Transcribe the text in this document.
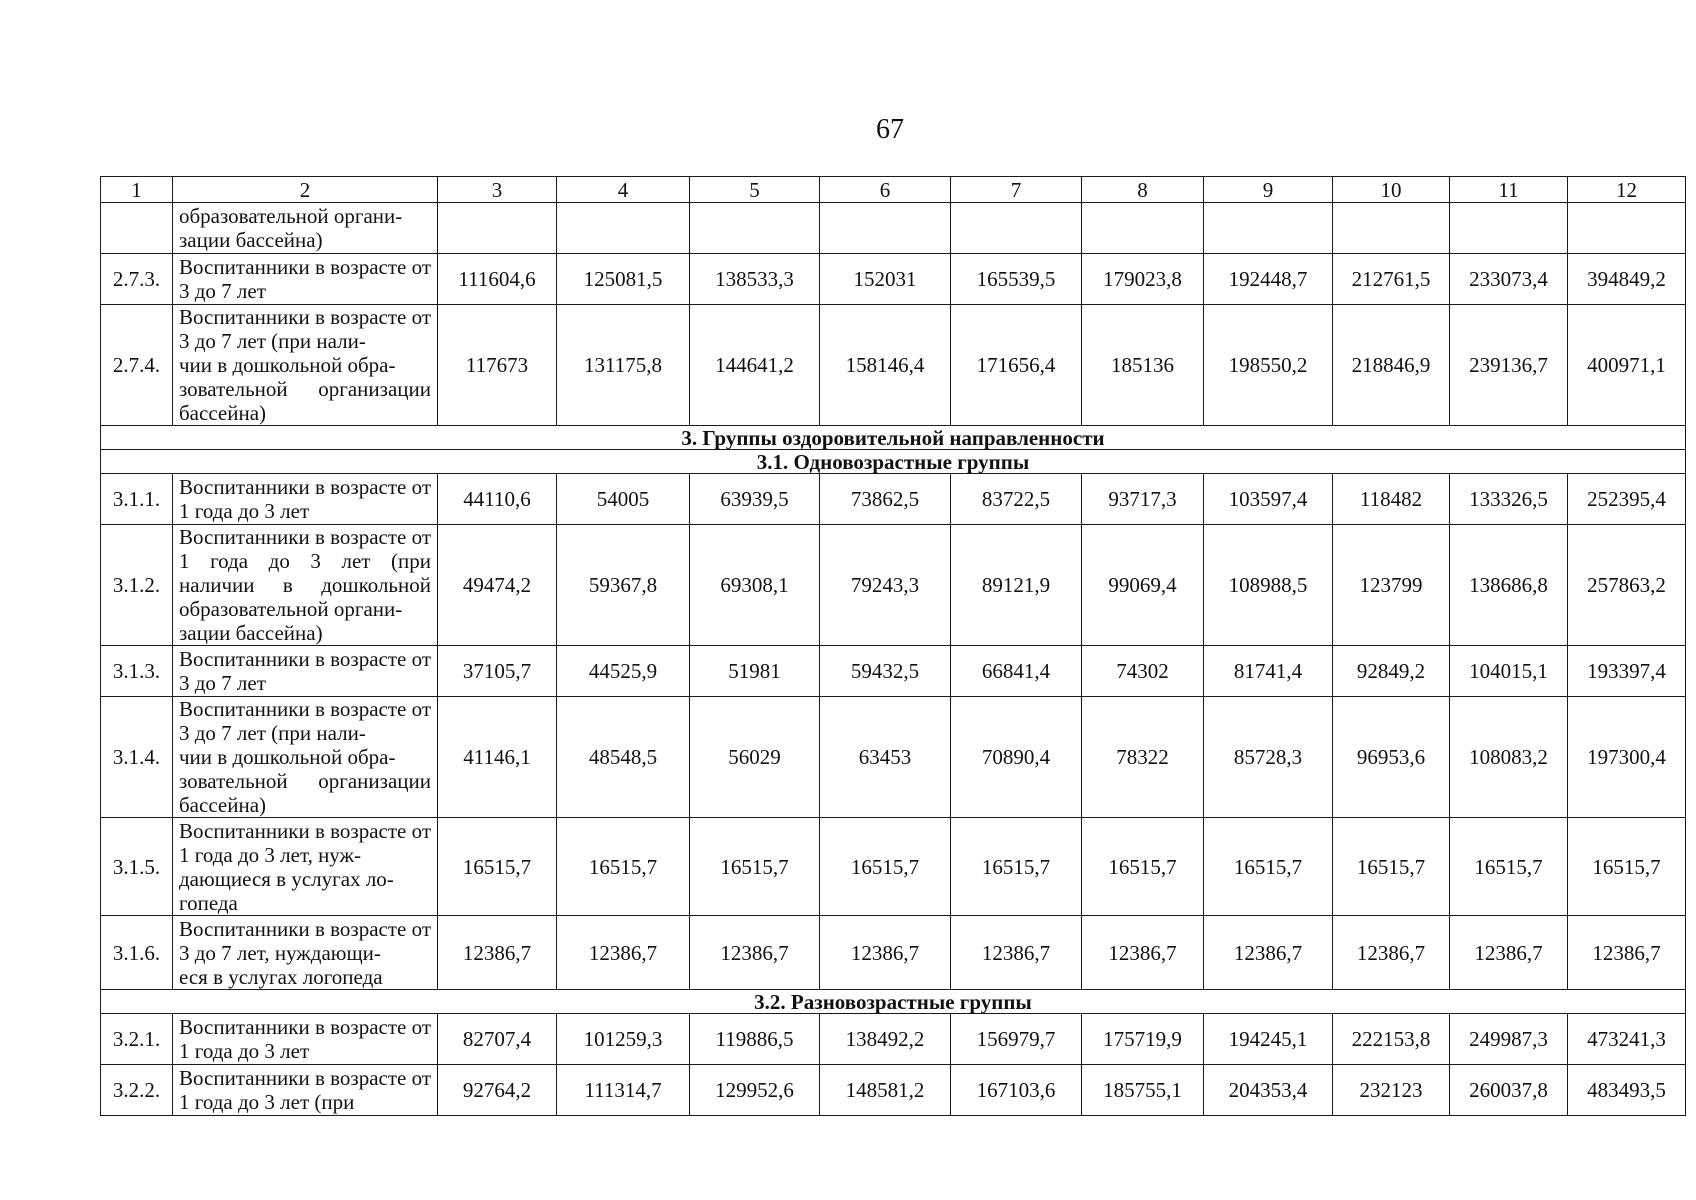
67
1	2	3	4	5	6	7	8	9	10	11	12
	образовательной органи-
зации бассейна)										
2.7.3.	Воспитанники в возрасте от 3 до 7 лет	111604,6	125081,5	138533,3	152031	165539,5	179023,8	192448,7	212761,5	233073,4	394849,2
2.7.4.	Воспитанники в возрасте от 3 до 7 лет (при нали-
чии в дошкольной обра-
зовательной организации бассейна)	117673	131175,8	144641,2	158146,4	171656,4	185136	198550,2	218846,9	239136,7	400971,1
3. Группы оздоровительной направленности											
3.1. Одновозрастные группы											
3.1.1.	Воспитанники в возрасте от 1 года до 3 лет	44110,6	54005	63939,5	73862,5	83722,5	93717,3	103597,4	118482	133326,5	252395,4
3.1.2.	Воспитанники в возрасте от 1 года до 3 лет (при наличии в дошкольной образовательной органи-
зации бассейна)	49474,2	59367,8	69308,1	79243,3	89121,9	99069,4	108988,5	123799	138686,8	257863,2
3.1.3.	Воспитанники в возрасте от 3 до 7 лет	37105,7	44525,9	51981	59432,5	66841,4	74302	81741,4	92849,2	104015,1	193397,4
3.1.4.	Воспитанники в возрасте от 3 до 7 лет (при нали-
чии в дошкольной обра-
зовательной организации бассейна)	41146,1	48548,5	56029	63453	70890,4	78322	85728,3	96953,6	108083,2	197300,4
3.1.5.	Воспитанники в возрасте от 1 года до 3 лет, нуж-
дающиеся в услугах ло-
гопеда	16515,7	16515,7	16515,7	16515,7	16515,7	16515,7	16515,7	16515,7	16515,7	16515,7
3.1.6.	Воспитанники в возрасте от 3 до 7 лет, нуждающи-
еся в услугах логопеда	12386,7	12386,7	12386,7	12386,7	12386,7	12386,7	12386,7	12386,7	12386,7	12386,7
3.2. Разновозрастные группы											
3.2.1.	Воспитанники в возрасте от 1 года до 3 лет	82707,4	101259,3	119886,5	138492,2	156979,7	175719,9	194245,1	222153,8	249987,3	473241,3
3.2.2.	Воспитанники в возрасте от 1 года до 3 лет (при	92764,2	111314,7	129952,6	148581,2	167103,6	185755,1	204353,4	232123	260037,8	483493,5
